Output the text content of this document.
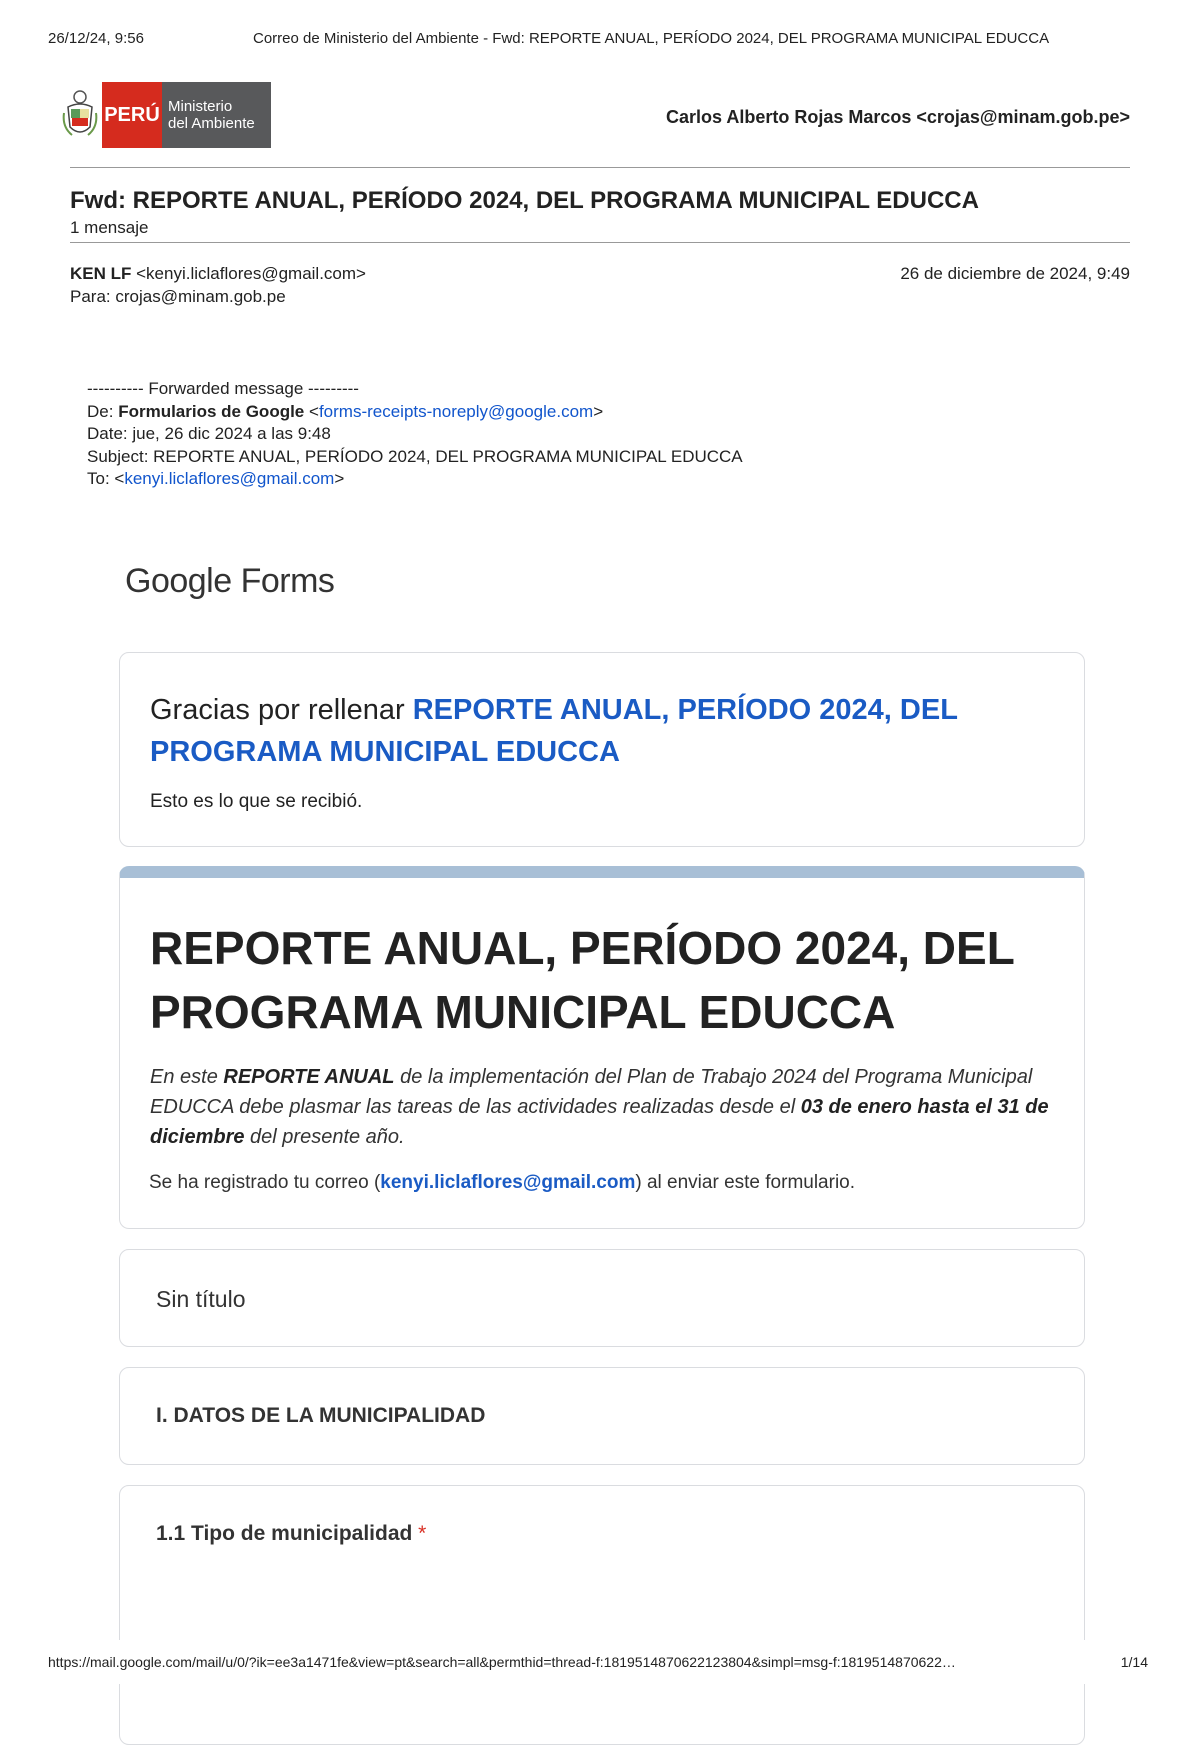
26/12/24, 9:56	Correo de Ministerio del Ambiente - Fwd: REPORTE ANUAL, PERÍODO 2024, DEL PROGRAMA MUNICIPAL EDUCCA
PERÚ Ministerio
del Ambiente	Carlos Alberto Rojas Marcos <crojas@minam.gob.pe>
Fwd: REPORTE ANUAL, PERÍODO 2024, DEL PROGRAMA MUNICIPAL EDUCCA
1 mensaje
KEN LF <kenyi.liclaflores@gmail.com>
Para: crojas@minam.gob.pe
26 de diciembre de 2024, 9:49
---------- Forwarded message ---------
De: Formularios de Google <forms-receipts-noreply@google.com>
Date: jue, 26 dic 2024 a las 9:48
Subject: REPORTE ANUAL, PERÍODO 2024, DEL PROGRAMA MUNICIPAL EDUCCA
To: <kenyi.liclaflores@gmail.com>
Google Forms
Gracias por rellenar REPORTE ANUAL, PERÍODO 2024, DEL PROGRAMA MUNICIPAL EDUCCA
Esto es lo que se recibió.
REPORTE ANUAL, PERÍODO 2024, DEL PROGRAMA MUNICIPAL EDUCCA
En este REPORTE ANUAL de la implementación del Plan de Trabajo 2024 del Programa Municipal EDUCCA debe plasmar las tareas de las actividades realizadas desde el 03 de enero hasta el 31 de diciembre del presente año.
Se ha registrado tu correo (kenyi.liclaflores@gmail.com) al enviar este formulario.
Sin título
I. DATOS DE LA MUNICIPALIDAD
1.1 Tipo de municipalidad *
https://mail.google.com/mail/u/0/?ik=ee3a1471fe&view=pt&search=all&permthid=thread-f:1819514870622123804&simpl=msg-f:1819514870622…	1/14
